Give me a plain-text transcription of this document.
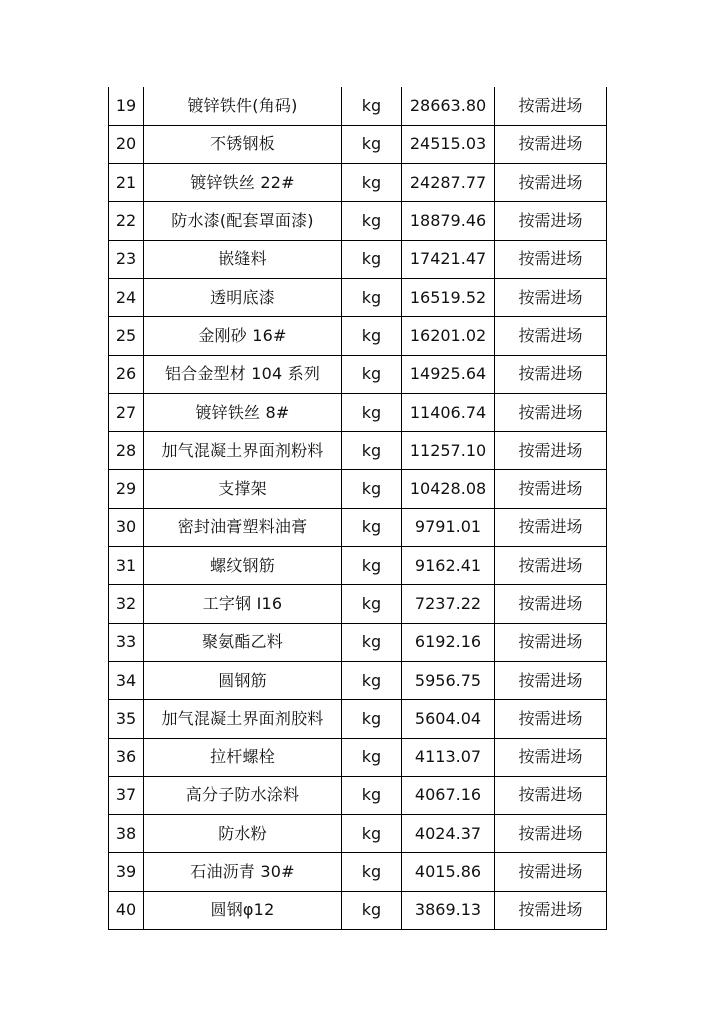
19	镀锌铁件(角码)	kg	28663.80	按需进场
20	不锈钢板	kg	24515.03	按需进场
21	镀锌铁丝 22#	kg	24287.77	按需进场
22	防水漆(配套罩面漆)	kg	18879.46	按需进场
23	嵌缝料	kg	17421.47	按需进场
24	透明底漆	kg	16519.52	按需进场
25	金刚砂 16#	kg	16201.02	按需进场
26	铝合金型材 104 系列	kg	14925.64	按需进场
27	镀锌铁丝 8#	kg	11406.74	按需进场
28	加气混凝土界面剂粉料	kg	11257.10	按需进场
29	支撑架	kg	10428.08	按需进场
30	密封油膏塑料油膏	kg	9791.01	按需进场
31	螺纹钢筋	kg	9162.41	按需进场
32	工字钢 I16	kg	7237.22	按需进场
33	聚氨酯乙料	kg	6192.16	按需进场
34	圆钢筋	kg	5956.75	按需进场
35	加气混凝土界面剂胶料	kg	5604.04	按需进场
36	拉杆螺栓	kg	4113.07	按需进场
37	高分子防水涂料	kg	4067.16	按需进场
38	防水粉	kg	4024.37	按需进场
39	石油沥青 30#	kg	4015.86	按需进场
40	圆钢φ12	kg	3869.13	按需进场
